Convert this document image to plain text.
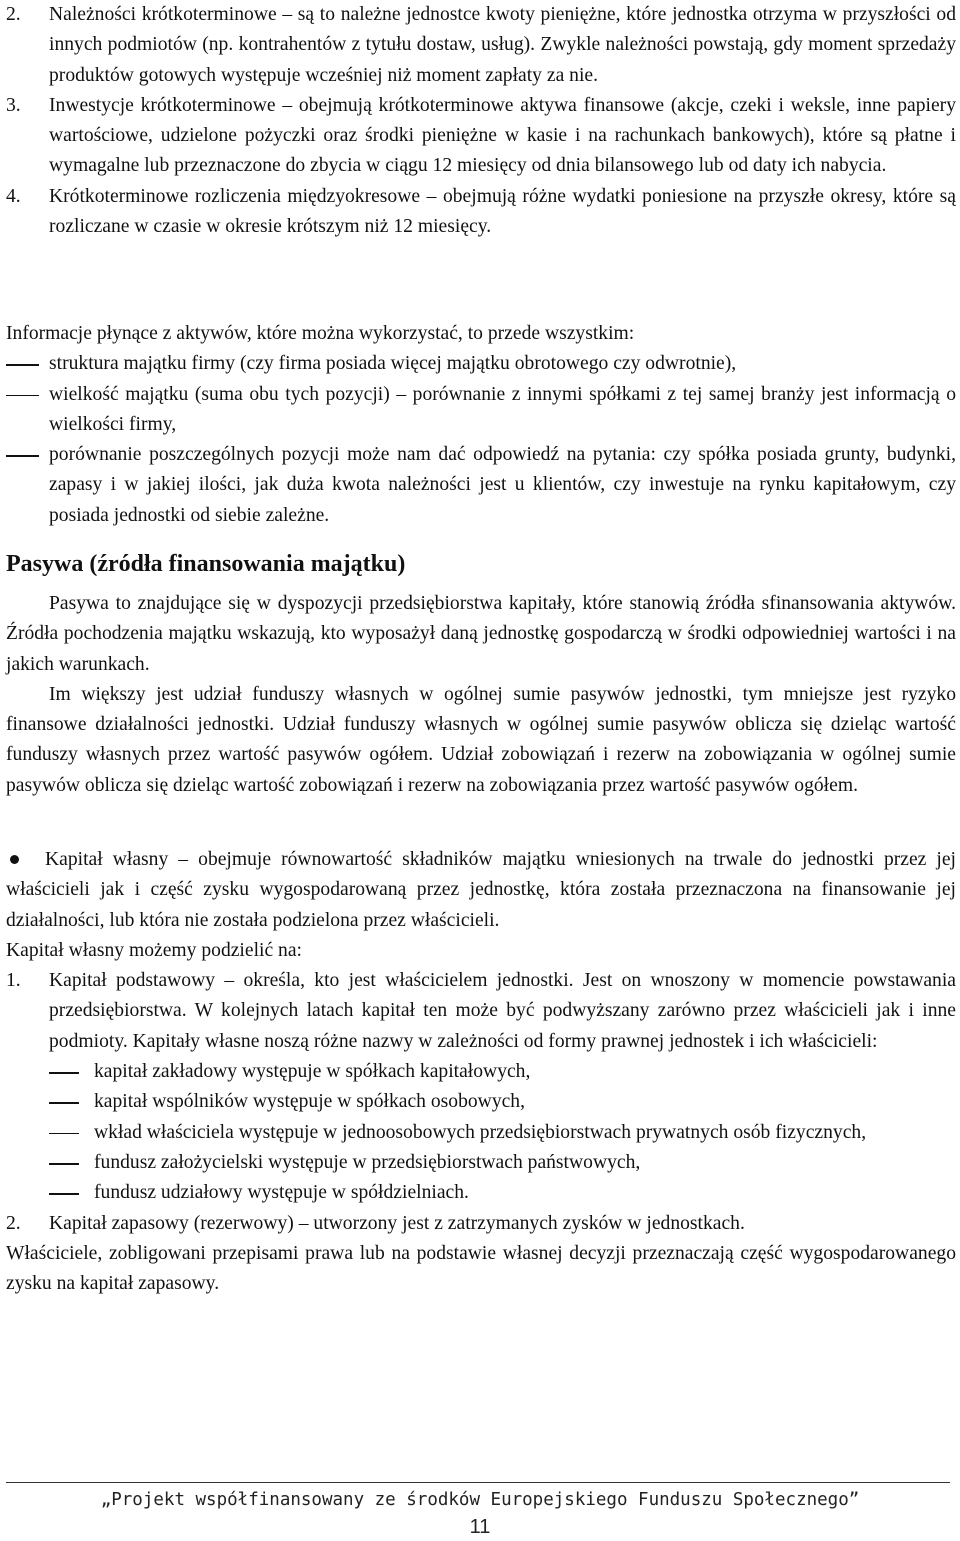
2. Należności krótkoterminowe – są to należne jednostce kwoty pieniężne, które jednostka otrzyma w przyszłości od innych podmiotów (np. kontrahentów z tytułu dostaw, usług). Zwykle należności powstają, gdy moment sprzedaży produktów gotowych występuje wcześniej niż moment zapłaty za nie.
3. Inwestycje krótkoterminowe – obejmują krótkoterminowe aktywa finansowe (akcje, czeki i weksle, inne papiery wartościowe, udzielone pożyczki oraz środki pieniężne w kasie i na rachunkach bankowych), które są płatne i wymagalne lub przeznaczone do zbycia w ciągu 12 miesięcy od dnia bilansowego lub od daty ich nabycia.
4. Krótkoterminowe rozliczenia międzyokresowe – obejmują różne wydatki poniesione na przyszłe okresy, które są rozliczane w czasie w okresie krótszym niż 12 miesięcy.

Informacje płynące z aktywów, które można wykorzystać, to przede wszystkim:

struktura majątku firmy (czy firma posiada więcej majątku obrotowego czy odwrotnie),
wielkość majątku (suma obu tych pozycji) – porównanie z innymi spółkami z tej samej branży jest informacją o wielkości firmy,
porównanie poszczególnych pozycji może nam dać odpowiedź na pytania: czy spółka posiada grunty, budynki, zapasy i w jakiej ilości, jak duża kwota należności jest u klientów, czy inwestuje na rynku kapitałowym, czy posiada jednostki od siebie zależne.
Pasywa (źródła finansowania majątku)

Pasywa to znajdujące się w dyspozycji przedsiębiorstwa kapitały, które stanowią źródła sfinansowania aktywów. Źródła pochodzenia majątku wskazują, kto wyposażył daną jednostkę gospodarczą w środki odpowiedniej wartości i na jakich warunkach.

Im większy jest udział funduszy własnych w ogólnej sumie pasywów jednostki, tym mniejsze jest ryzyko finansowe działalności jednostki. Udział funduszy własnych w ogólnej sumie pasywów oblicza się dzieląc wartość funduszy własnych przez wartość pasywów ogółem. Udział zobowiązań i rezerw na zobowiązania w ogólnej sumie pasywów oblicza się dzieląc wartość zobowiązań i rezerw na zobowiązania przez wartość pasywów ogółem.

Kapitał własny – obejmuje równowartość składników majątku wniesionych na trwale do jednostki przez jej właścicieli jak i część zysku wygospodarowaną przez jednostkę, która została przeznaczona na finansowanie jej działalności, lub która nie została podzielona przez właścicieli.

Kapitał własny możemy podzielić na:

1. Kapitał podstawowy – określa, kto jest właścicielem jednostki. Jest on wnoszony w momencie powstawania przedsiębiorstwa. W kolejnych latach kapitał ten może być podwyższany zarówno przez właścicieli jak i inne podmioty. Kapitały własne noszą różne nazwy w zależności od formy prawnej jednostek i ich właścicieli:
kapitał zakładowy występuje w spółkach kapitałowych,
kapitał wspólników występuje w spółkach osobowych,
wkład właściciela występuje w jednoosobowych przedsiębiorstwach prywatnych osób fizycznych,
fundusz założycielski występuje w przedsiębiorstwach państwowych,
fundusz udziałowy występuje w spółdzielniach.
2. Kapitał zapasowy (rezerwowy) – utworzony jest z zatrzymanych zysków w jednostkach.

Właściciele, zobligowani przepisami prawa lub na podstawie własnej decyzji przeznaczają część wygospodarowanego zysku na kapitał zapasowy.

„Projekt współfinansowany ze środków Europejskiego Funduszu Społecznego”
11
